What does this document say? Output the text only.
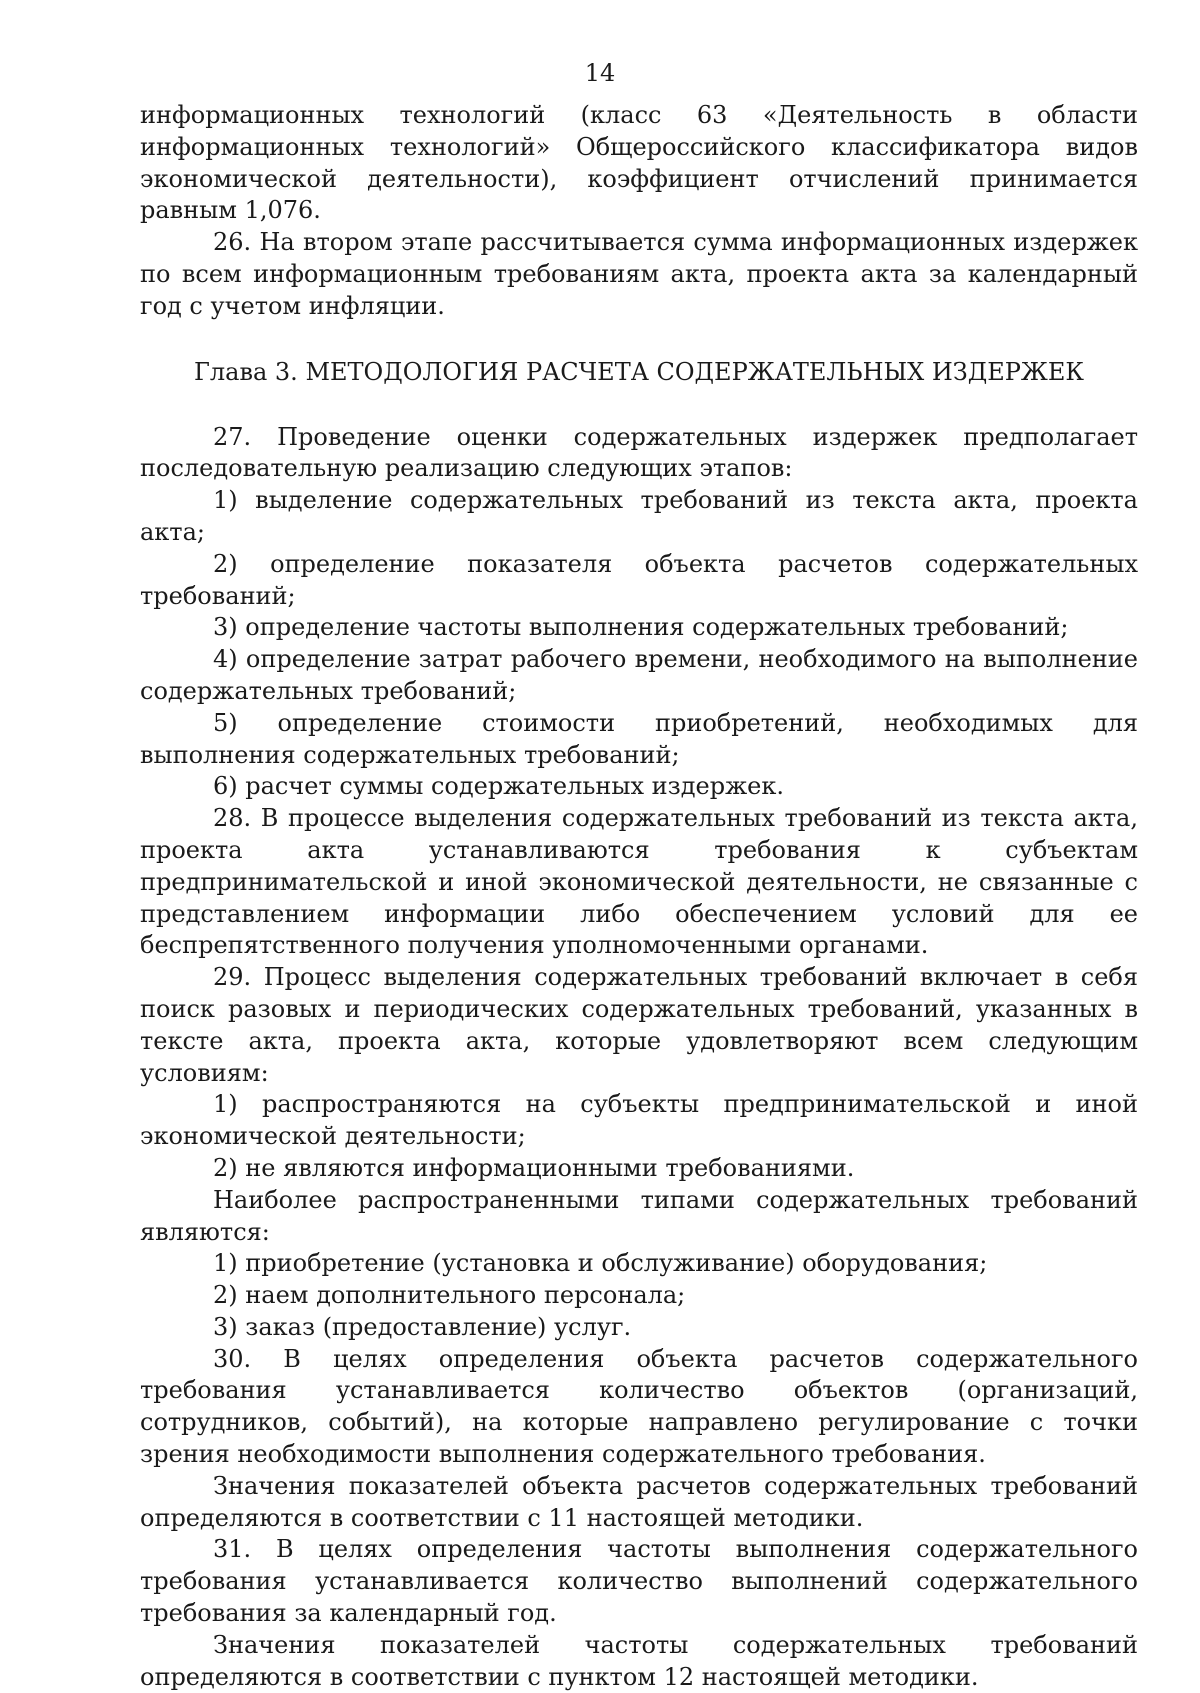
14

информационных технологий (класс 63 «Деятельность в области информационных технологий» Общероссийского классификатора видов экономической деятельности), коэффициент отчислений принимается равным 1,076.

26. На втором этапе рассчитывается сумма информационных издержек по всем информационным требованиям акта, проекта акта за календарный год с учетом инфляции.

Глава 3. МЕТОДОЛОГИЯ РАСЧЕТА СОДЕРЖАТЕЛЬНЫХ ИЗДЕРЖЕК

27. Проведение оценки содержательных издержек предполагает последовательную реализацию следующих этапов:

1) выделение содержательных требований из текста акта, проекта акта;

2) определение показателя объекта расчетов содержательных требований;

3) определение частоты выполнения содержательных требований;

4) определение затрат рабочего времени, необходимого на выполнение содержательных требований;

5) определение стоимости приобретений, необходимых для выполнения содержательных требований;

6) расчет суммы содержательных издержек.

28. В процессе выделения содержательных требований из текста акта, проекта акта устанавливаются требования к субъектам предпринимательской и иной экономической деятельности, не связанные с представлением информации либо обеспечением условий для ее беспрепятственного получения уполномоченными органами.

29. Процесс выделения содержательных требований включает в себя поиск разовых и периодических содержательных требований, указанных в тексте акта, проекта акта, которые удовлетворяют всем следующим условиям:

1) распространяются на субъекты предпринимательской и иной экономической деятельности;

2) не являются информационными требованиями.

Наиболее распространенными типами содержательных требований являются:

1) приобретение (установка и обслуживание) оборудования;

2) наем дополнительного персонала;

3) заказ (предоставление) услуг.

30. В целях определения объекта расчетов содержательного требования устанавливается количество объектов (организаций, сотрудников, событий), на которые направлено регулирование с точки зрения необходимости выполнения содержательного требования.

Значения показателей объекта расчетов содержательных требований определяются в соответствии с 11 настоящей методики.

31. В целях определения частоты выполнения содержательного требования устанавливается количество выполнений содержательного требования за календарный год.

Значения показателей частоты содержательных требований определяются в соответствии с пунктом 12 настоящей методики.
